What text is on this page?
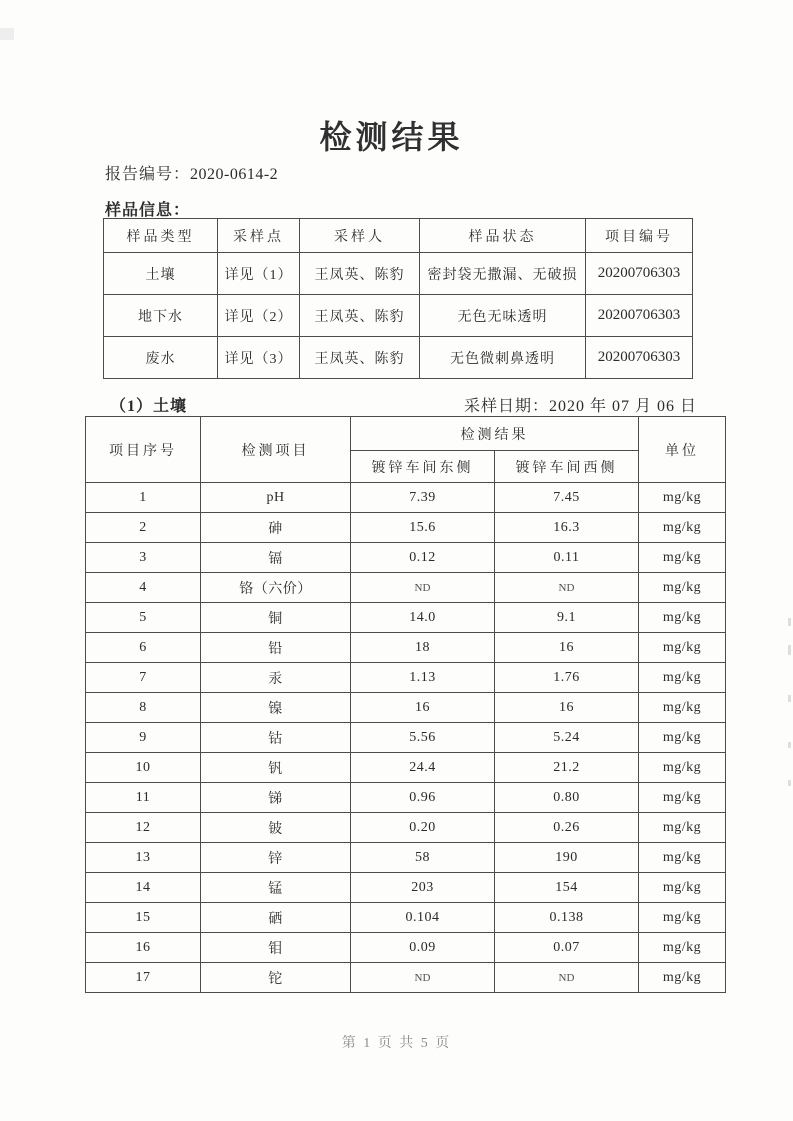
检测结果
报告编号：2020-0614-2
样品信息：
样品类型	采样点	采样人	样品状态	项目编号
土壤	详见（1）	王凤英、陈豹	密封袋无撒漏、无破损	20200706303
地下水	详见（2）	王凤英、陈豹	无色无味透明	20200706303
废水	详见（3）	王凤英、陈豹	无色微刺鼻透明	20200706303
（1）土壤	采样日期：2020 年 07 月 06 日
项目序号	检测项目	检测结果		单位
		镀锌车间东侧	镀锌车间西侧	
1	pH	7.39	7.45	mg/kg
2	砷	15.6	16.3	mg/kg
3	镉	0.12	0.11	mg/kg
4	铬（六价）	ND	ND	mg/kg
5	铜	14.0	9.1	mg/kg
6	铅	18	16	mg/kg
7	汞	1.13	1.76	mg/kg
8	镍	16	16	mg/kg
9	钴	5.56	5.24	mg/kg
10	钒	24.4	21.2	mg/kg
11	锑	0.96	0.80	mg/kg
12	铍	0.20	0.26	mg/kg
13	锌	58	190	mg/kg
14	锰	203	154	mg/kg
15	硒	0.104	0.138	mg/kg
16	钼	0.09	0.07	mg/kg
17	铊	ND	ND	mg/kg
第 1 页 共 5 页
